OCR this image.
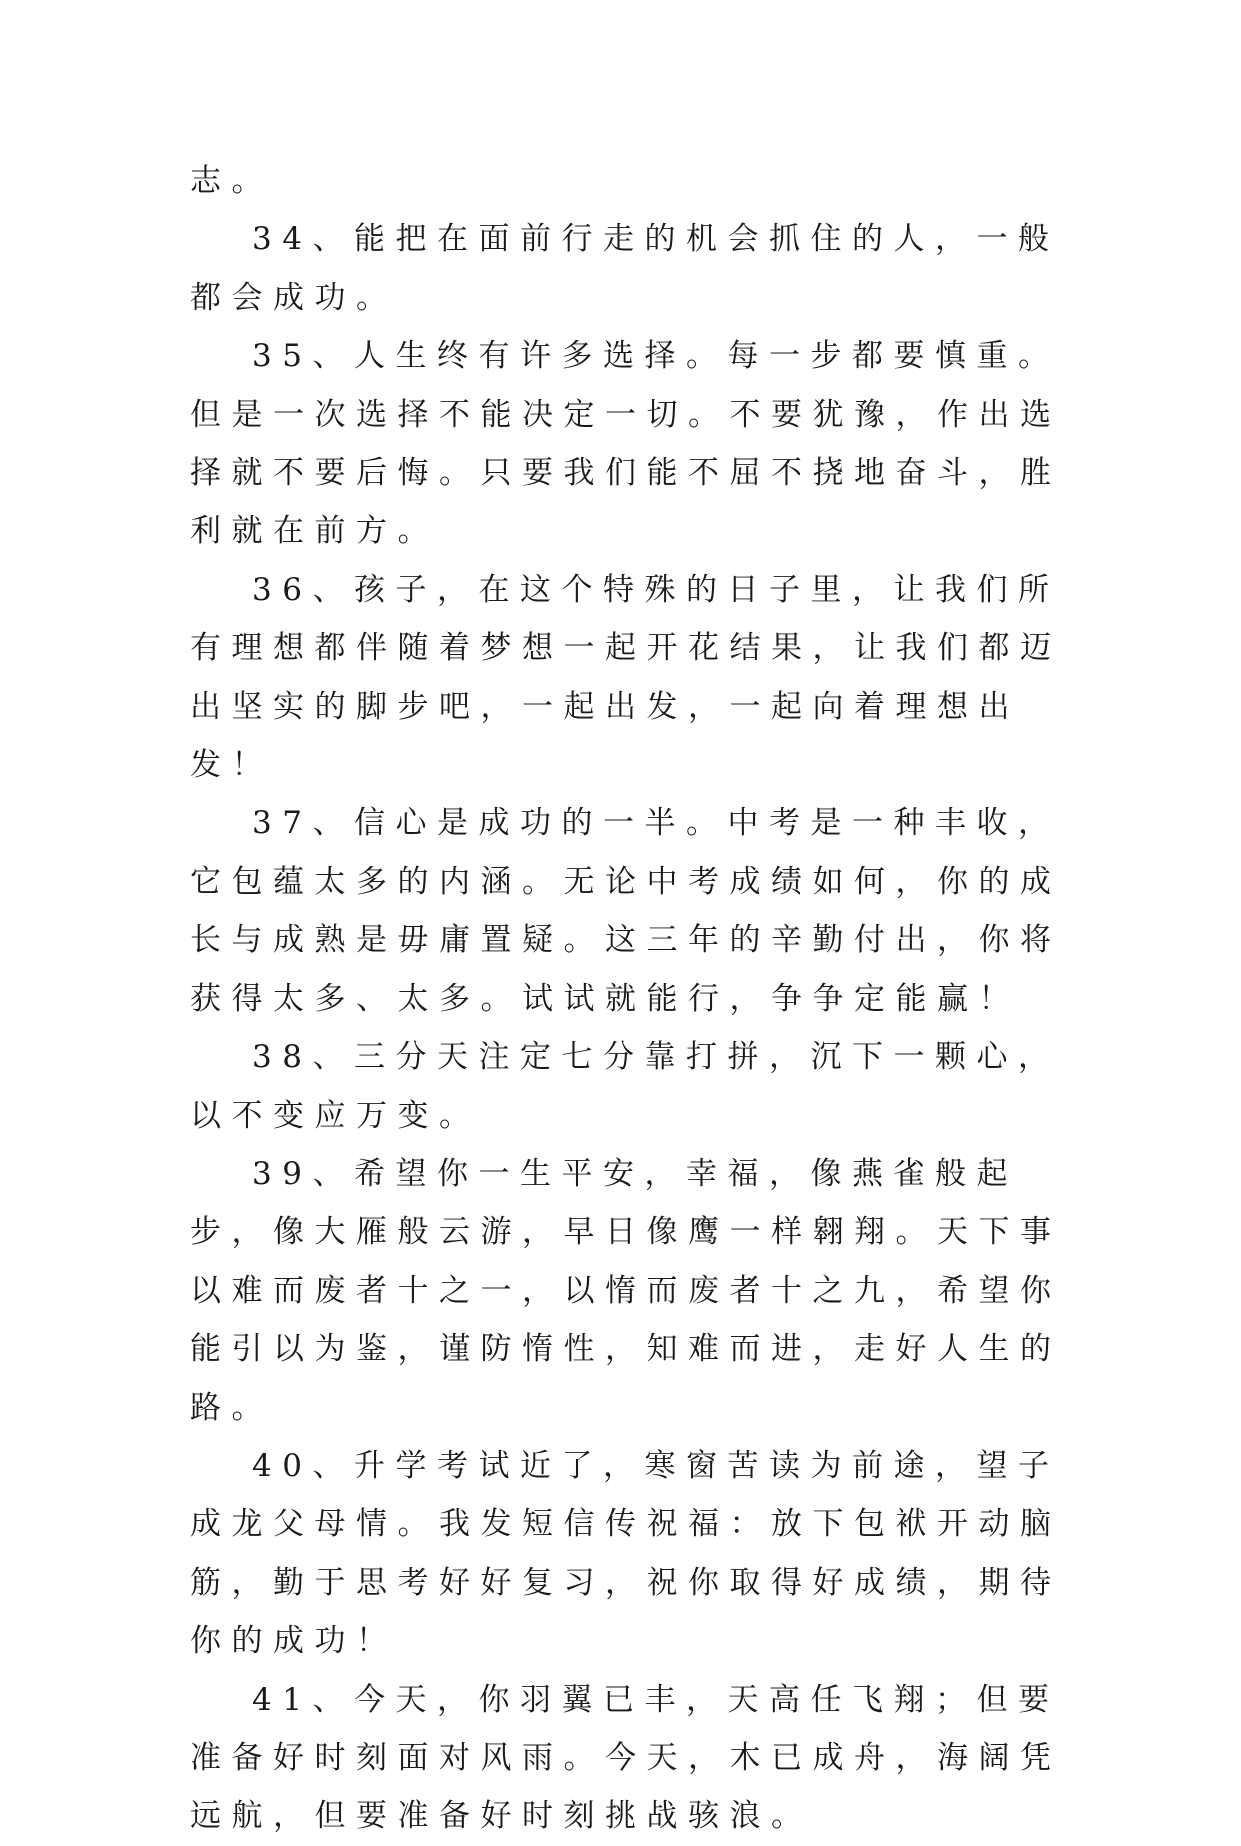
志。

34、能把在面前行走的机会抓住的人，一般都会成功。

35、人生终有许多选择。每一步都要慎重。但是一次选择不能决定一切。不要犹豫，作出选择就不要后悔。只要我们能不屈不挠地奋斗，胜利就在前方。

36、孩子，在这个特殊的日子里，让我们所有理想都伴随着梦想一起开花结果，让我们都迈出坚实的脚步吧，一起出发，一起向着理想出发！

37、信心是成功的一半。中考是一种丰收，它包蕴太多的内涵。无论中考成绩如何，你的成长与成熟是毋庸置疑。这三年的辛勤付出，你将获得太多、太多。试试就能行，争争定能赢！

38、三分天注定七分靠打拼，沉下一颗心，以不变应万变。

39、希望你一生平安，幸福，像燕雀般起步，像大雁般云游，早日像鹰一样翱翔。天下事以难而废者十之一，以惰而废者十之九，希望你能引以为鉴，谨防惰性，知难而进，走好人生的路。

40、升学考试近了，寒窗苦读为前途，望子成龙父母情。我发短信传祝福：放下包袱开动脑筋，勤于思考好好复习，祝你取得好成绩，期待你的成功！

41、今天，你羽翼已丰，天高任飞翔；但要准备好时刻面对风雨。今天，木已成舟，海阔凭远航，但要准备好时刻挑战骇浪。
